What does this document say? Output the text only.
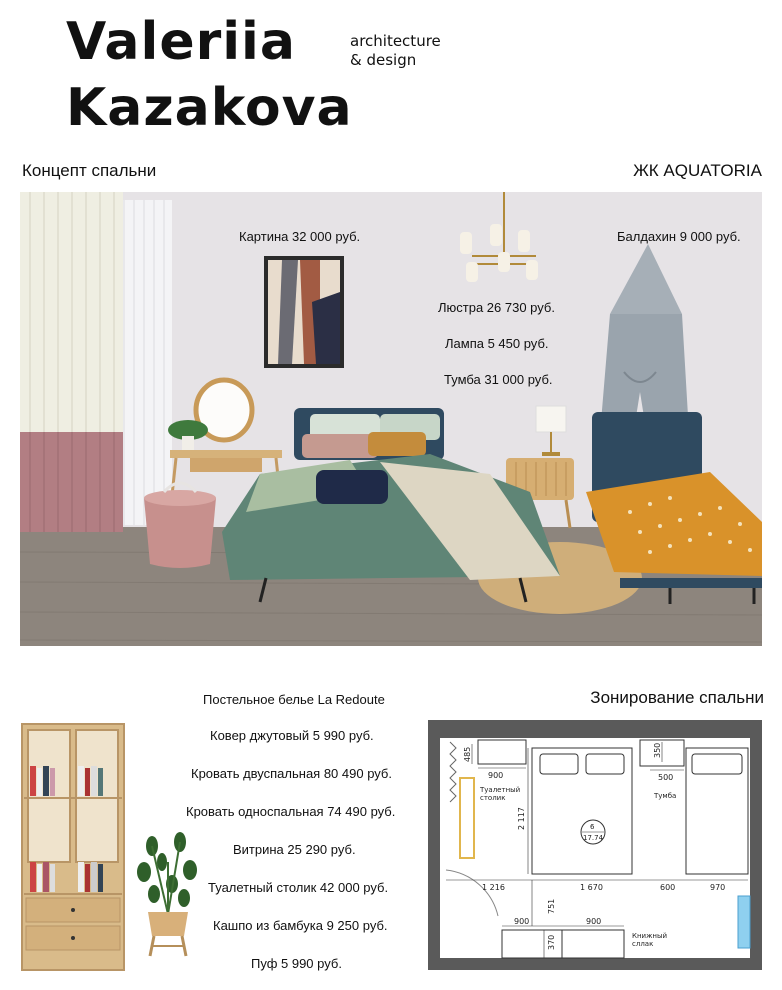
Valeriia
Kazakova
architecture
& design
Концепт спальни	ЖК AQUATORIA
Картина 32 000 руб.
Люстра 26 730 руб.
Лампа 5 450 руб.
Тумба 31 000 руб.
Балдахин 9 000 руб.
Постельное белье La Redoute
Ковер джутовый 5 990 руб.
Кровать двуспальная 80 490 руб.
Кровать односпальная 74 490 руб.
Витрина 25 290 руб.
Туалетный столик 42 000 руб.
Кашпо из бамбука 9 250 руб.
Пуф 5 990 руб.
Зонирование спальни
485
900
350
500
2 117
1 216	1 670	600	970
751
900	900
370
Туалетный
столик	Тумба
6
17.74
Книжный
сллак
